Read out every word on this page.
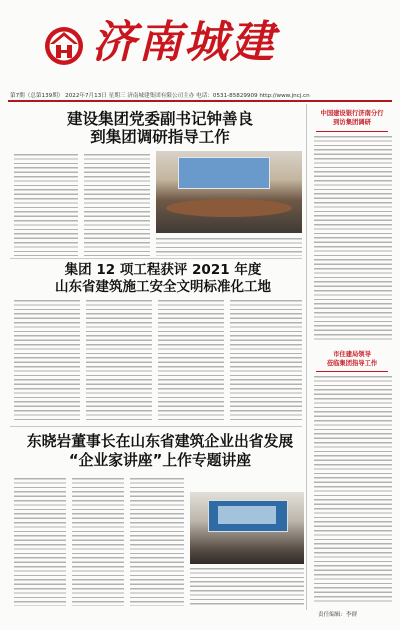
济南城建
第7期（总第139期） 2022年7月13日 星期三 济南城建集团有限公司主办 电话：0531-85829909 http://www.jncj.cn
建设集团党委副书记钟善良
到集团调研指导工作
集团 12 项工程获评 2021 年度
山东省建筑施工安全文明标准化工地
东晓岩董事长在山东省建筑企业出省发展
“企业家讲座”上作专题讲座
中国建设银行济南分行
到访集团调研
市住建局领导
莅临集团指导工作
责任编辑：李群
